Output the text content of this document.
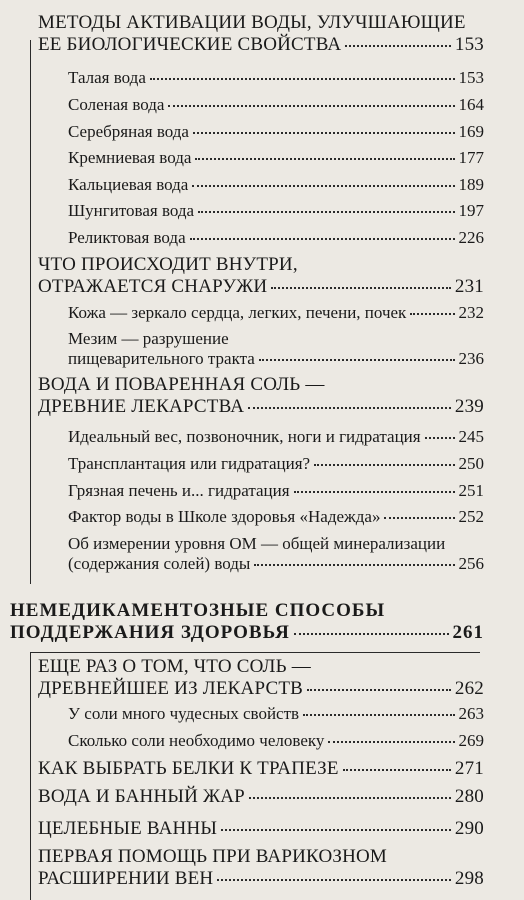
МЕТОДЫ АКТИВАЦИИ ВОДЫ, УЛУЧШАЮЩИЕ
ЕЕ БИОЛОГИЧЕСКИЕ СВОЙСТВА	153
Талая вода	153
Соленая вода	164
Серебряная вода	169
Кремниевая вода	177
Кальциевая вода	189
Шунгитовая вода	197
Реликтовая вода	226
ЧТО ПРОИСХОДИТ ВНУТРИ,
ОТРАЖАЕТСЯ СНАРУЖИ	231
Кожа — зеркало сердца, легких, печени, почек	232
Мезим — разрушение
пищеварительного тракта	236
ВОДА И ПОВАРЕННАЯ СОЛЬ —
ДРЕВНИЕ ЛЕКАРСТВА	239
Идеальный вес, позвоночник, ноги и гидратация 245
Трансплантация или гидратация?	250
Грязная печень и... гидратация	251
Фактор воды в Школе здоровья «Надежда»	252
Об измерении уровня ОМ — общей минерализации
(содержания солей) воды	256
НЕМЕДИКАМЕНТОЗНЫЕ СПОСОБЫ
ПОДДЕРЖАНИЯ ЗДОРОВЬЯ	261
ЕЩЕ РАЗ О ТОМ, ЧТО СОЛЬ —
ДРЕВНЕЙШЕЕ ИЗ ЛЕКАРСТВ	262
У соли много чудесных свойств	263
Сколько соли необходимо человеку	269
КАК ВЫБРАТЬ БЕЛКИ К ТРАПЕЗЕ	271
ВОДА И БАННЫЙ ЖАР	280
ЦЕЛЕБНЫЕ ВАННЫ	290
ПЕРВАЯ ПОМОЩЬ ПРИ ВАРИКОЗНОМ
РАСШИРЕНИИ ВЕН	298
